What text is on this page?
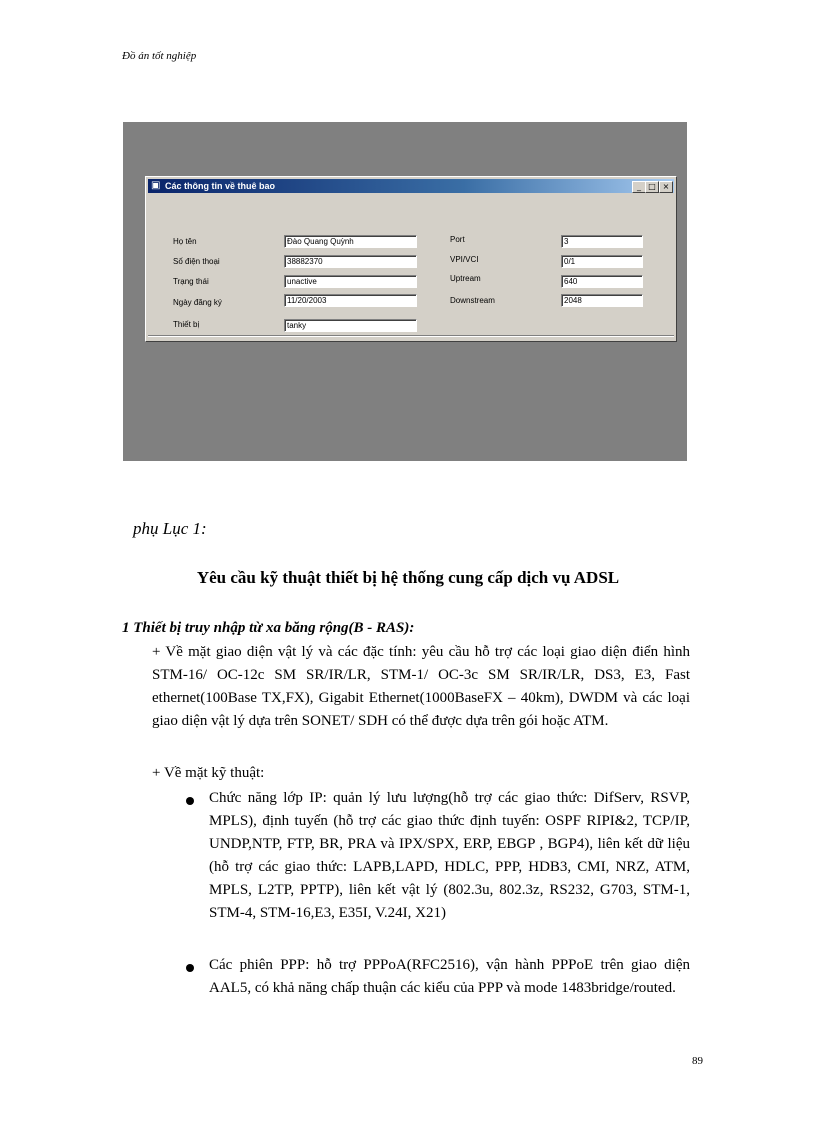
Đồ án tốt nghiệp
▣ Các thông tin về thuê bao	_ □ ×
Họ tên	Đào Quang Quỳnh
Số điện thoại	38882370
Trạng thái	unactive
Ngày đăng ký	11/20/2003
Thiết bị	tanky
Port	3
VPI/VCI	0/1
Uptream	640
Downstream	2048
phụ Lục 1:
Yêu cầu kỹ thuật thiết bị hệ thống cung cấp dịch vụ ADSL
1 Thiết bị truy nhập từ xa băng rộng(B - RAS):
+ Về mặt giao diện vật lý và các đặc tính: yêu cầu hỗ trợ các loại giao diện điển hình STM-16/ OC-12c SM SR/IR/LR, STM-1/ OC-3c SM SR/IR/LR, DS3, E3, Fast ethernet(100Base TX,FX), Gigabit Ethernet(1000BaseFX – 40km), DWDM và các loại giao diện vật lý dựa trên SONET/ SDH có thể được dựa trên gói hoặc ATM.
+ Về mặt kỹ thuật:
Chức năng lớp IP: quản lý lưu lượng(hỗ trợ các giao thức: DifServ, RSVP, MPLS), định tuyến (hỗ trợ các giao thức định tuyến: OSPF RIPI&2, TCP/IP, UNDP,NTP, FTP, BR, PRA và IPX/SPX, ERP, EBGP , BGP4), liên kết dữ liệu (hỗ trợ các giao thức: LAPB,LAPD, HDLC, PPP, HDB3, CMI, NRZ, ATM, MPLS, L2TP, PPTP), liên kết vật lý (802.3u, 802.3z, RS232, G703, STM-1, STM-4, STM-16,E3, E35I, V.24I, X21)
Các phiên PPP: hỗ trợ PPPoA(RFC2516), vận hành PPPoE trên giao diện AAL5, có khả năng chấp thuận các kiểu của PPP và mode 1483bridge/routed.
89
